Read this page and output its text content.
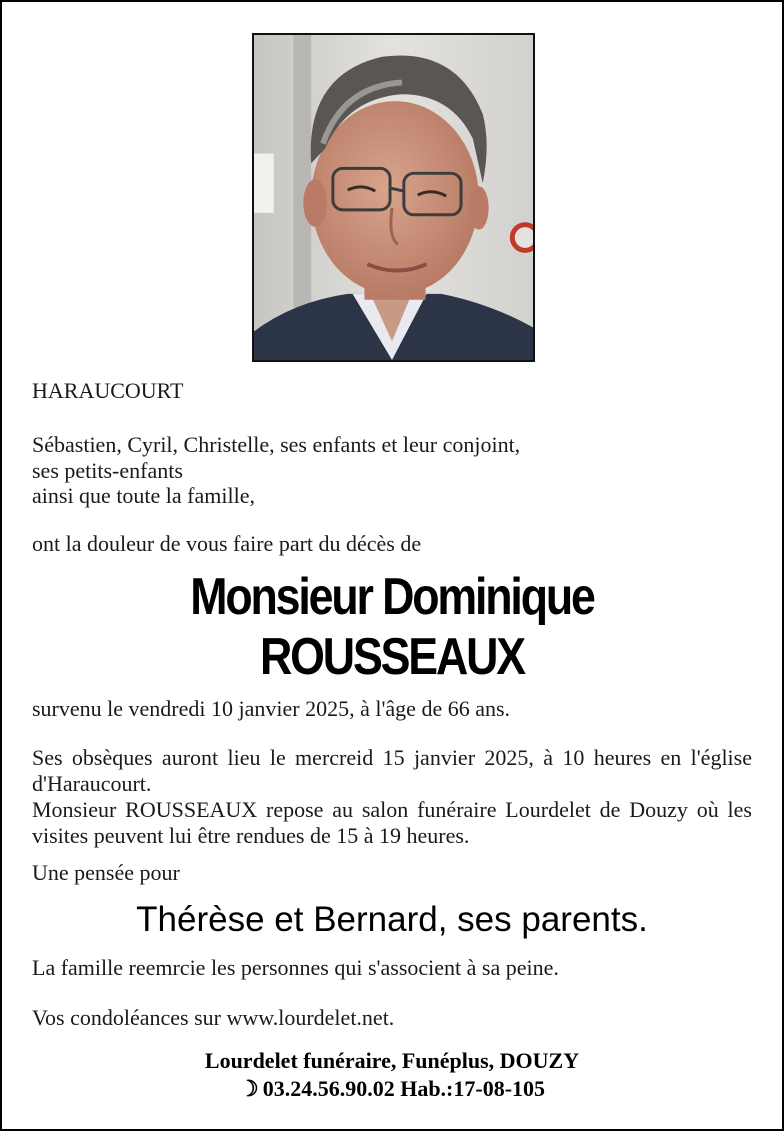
HARAUCOURT

Sébastien, Cyril, Christelle, ses enfants et leur conjoint,

ses petits-enfants

ainsi que toute la famille,

ont la douleur de vous faire part du décès de

Monsieur Dominique

ROUSSEAUX

survenu le vendredi 10 janvier 2025, à l'âge de 66 ans.

Ses obsèques auront lieu le mercreid 15 janvier 2025, à 10 heures en l'église d'Haraucourt.

Monsieur ROUSSEAUX repose au salon funéraire Lourdelet de Douzy où les visites peuvent lui être rendues de 15 à 19 heures.

Une pensée pour

Thérèse et Bernard, ses parents.

La famille reemrcie les personnes qui s'associent à sa peine.

Vos condoléances sur www.lourdelet.net.

Lourdelet funéraire, Funéplus, DOUZY

☽ 03.24.56.90.02 Hab.:17-08-105
